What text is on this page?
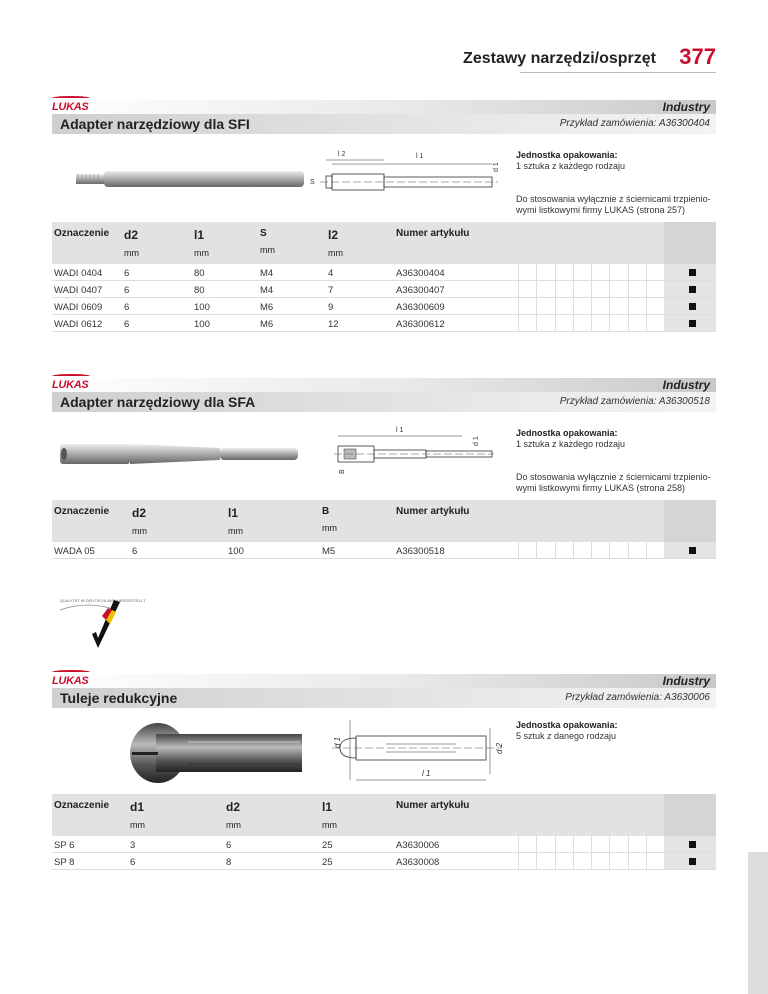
Zestawy narzędzi/osprzęt 377
Industry
LUKAS
Adapter narzędziowy dla SFI	Przykład zamówienia: A36300404
l 2	l 1
d 1
S
Jednostka opakowania:
1 sztuka z każdego rodzaju

Do stosowania wyłącznie z ściernicami trzpienio-wymi listkowymi firmy LUKAS (strona 257)
Oznaczenie d2
mm
l1
mm
S
mm
l2
mm
Numer artykułu
WADI 0404 6	80	M4	4	A36300404
WADI 0407 6	80	M4	7	A36300407
WADI 0609 6	100	M6	9	A36300609
WADI 0612 6	100	M6	12	A36300612
Industry
LUKAS
Adapter narzędziowy dla SFA	Przykład zamówienia: A36300518
l 1
d 1
B
Jednostka opakowania:
1 sztuka z każdego rodzaju

Do stosowania wyłącznie z ściernicami trzpienio-wymi listkowymi firmy LUKAS (strona 258)
Oznaczenie d2
mm
l1
mm
B
mm
Numer artykułu
WADA 05	6	100	M5	A36300518
QUALITÄT IN DEUTSCHLAND HERGESTELLT
Industry
LUKAS
Tuleje redukcyjne	Przykład zamówienia: A3630006
l 1
d 1
d 2
Jednostka opakowania:
5 sztuk z danego rodzaju
Oznaczenie d1
mm
d2
mm
l1
mm
Numer artykułu
SP 6	3	6	25	A3630006
SP 8	6	8	25	A3630008
